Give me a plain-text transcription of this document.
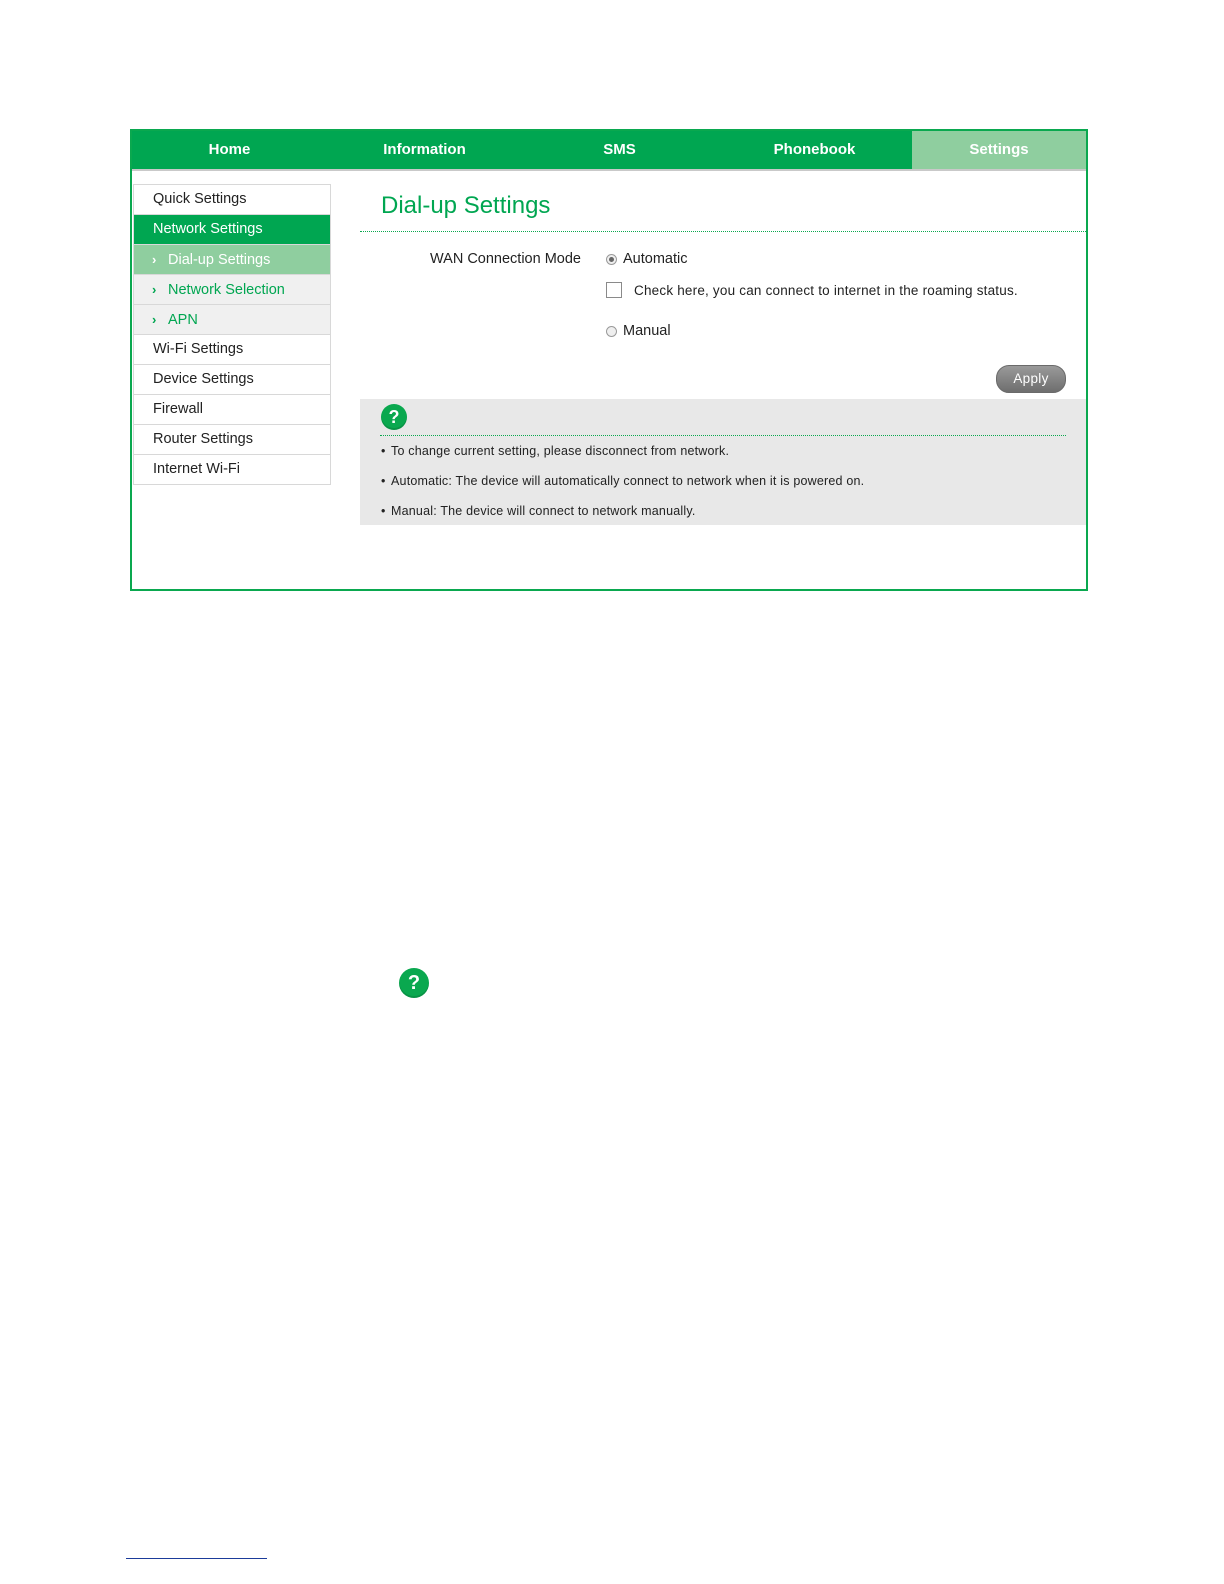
Home	Information	SMS	Phonebook	Settings
Quick Settings
Network Settings
› Dial-up Settings
› Network Selection
› APN
Wi-Fi Settings
Device Settings
Firewall
Router Settings
Internet Wi-Fi
Dial-up Settings
WAN Connection Mode	Automatic
Check here, you can connect to internet in the roaming status.
Manual
Apply
?
• To change current setting, please disconnect from network.
• Automatic: The device will automatically connect to network when it is powered on.
• Manual: The device will connect to network manually.
?
